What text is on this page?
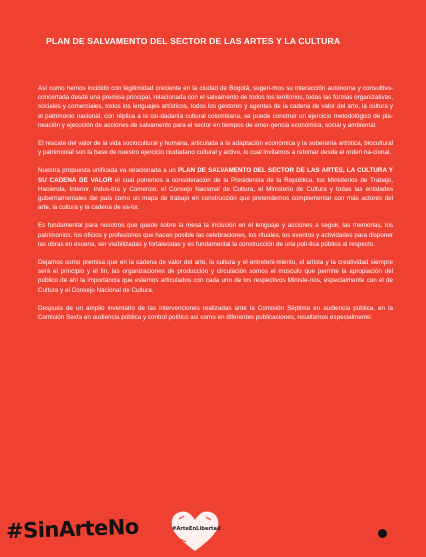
PLAN DE SALVAMENTO DEL SECTOR DE LAS ARTES Y LA CULTURA

Así como hemos incidido con legitimidad creciente en la ciudad de Bogotá, sugeri-mos su interacción autónoma y consultivo-concertada desde una premisa principal, relacionada con el salvamento de todos los territorios, todas las formas organizativas, sociales y comerciales, todos los lenguajes artísticos, todos los gestores y agentes de la cadena de valor del arte, la cultura y el patrimonio nacional, con réplica a la ciu-dadanía cultural colombiana, se puede construir un ejercicio metodológico de pla-neación y ejecución de acciones de salvamento para el sector en tiempos de emer-gencia económica, social y ambiental.

El rescate del valor de la vida sociocultural y humana, articulada a la adaptación económica y la soberanía artística, biocultural y patrimonial son la base de nuestro ejercicio ciudadano cultural y activo, lo cual invitamos a retomar desde el orden na-cional.

Nuestra propuesta unificada va relacionada a un PLAN DE SALVAMENTO DEL SECTOR DE LAS ARTES, LA CULTURA Y SU CADENA DE VALOR el cual ponemos a consideración de la Presidencia de la República, los Ministerios de Trabajo, Hacienda, Interior, Indus-tria y Comercio, el Consejo Nacional de Cultura, el Ministerio de Cultura y todas las entidades gubernamentales del país como un mapa de trabajo en construcción que pretendemos complementar con más actores del arte, la cultura y la cadena de va-lor.

Es fundamental para nosotros que quede sobre la mesa la inclusión en el lenguaje y acciones a seguir, las memorias, los patrimonios, los oficios y profesiones que hacen posible las celebraciones, los rituales, los eventos y actividades para disponer las obras en escena, ser visibilizadas y fortalecidas y es fundamental la construcción de una polí-tica pública al respecto.

Dejamos como premisa que en la cadena de valor del arte, la cultura y el entreteni-miento, el artista y la creatividad siempre será el principio y el fin, las organizaciones de producción y circulación somos el músculo que permite la apropiación del público de ahí la importancia que estemos articulados con cada uno de los respectivos Ministe-rios, especialmente con el de Cultura y el Consejo Nacional de Cultura.

Después de un amplio inventario de las intervenciones realizadas ante la Comisión Séptima en audiencia pública, en la Comisión Sexta en audiencia pública y control político así como en diferentes publicaciones, resaltamos especialmente:

#SinArteNo	#ArteEnLibertad
